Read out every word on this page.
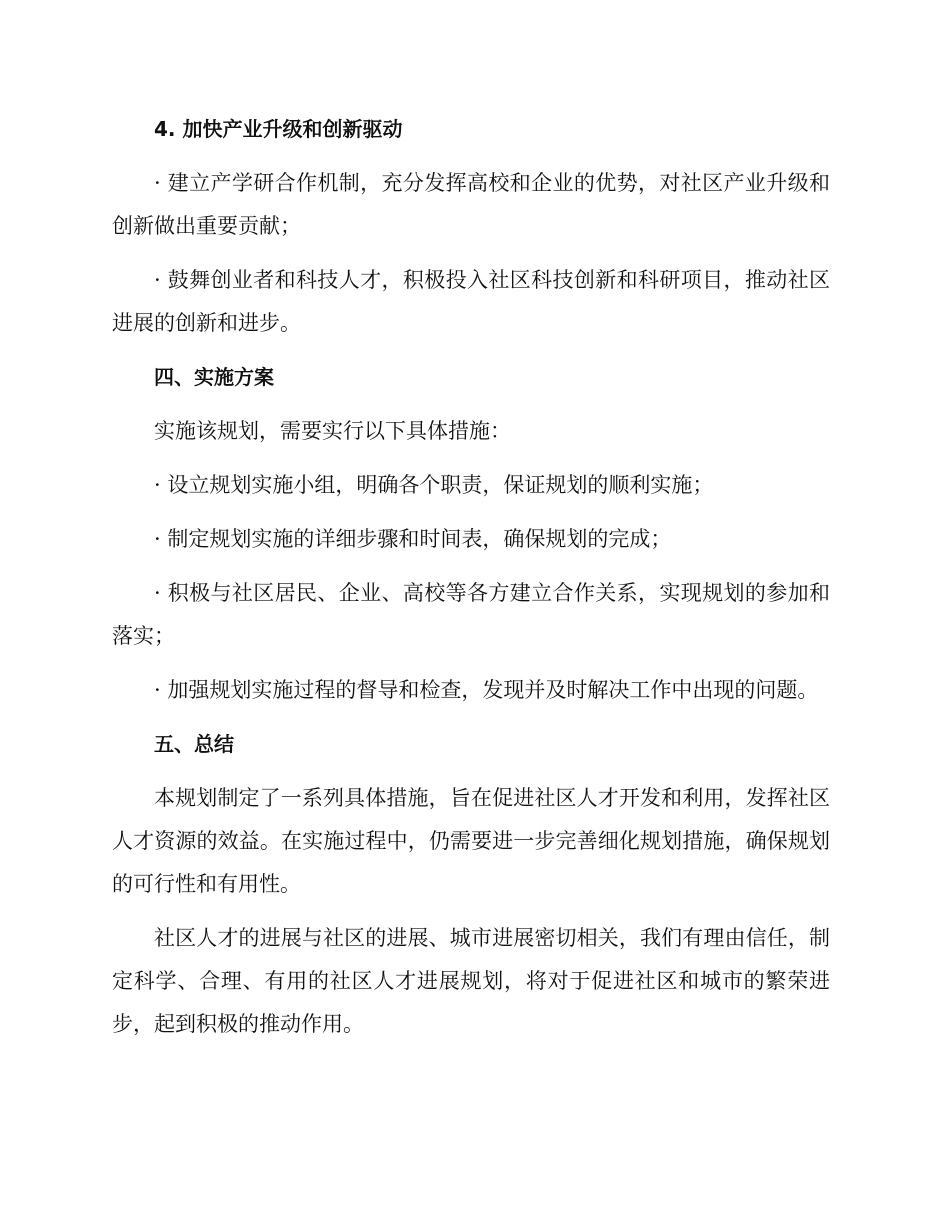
4. 加快产业升级和创新驱动
· 建立产学研合作机制，充分发挥高校和企业的优势，对社区产业升级和创新做出重要贡献；
· 鼓舞创业者和科技人才，积极投入社区科技创新和科研项目，推动社区进展的创新和进步。
四、实施方案
实施该规划，需要实行以下具体措施：
· 设立规划实施小组，明确各个职责，保证规划的顺利实施；
· 制定规划实施的详细步骤和时间表，确保规划的完成；
· 积极与社区居民、企业、高校等各方建立合作关系，实现规划的参加和落实；
· 加强规划实施过程的督导和检查，发现并及时解决工作中出现的问题。
五、总结
本规划制定了一系列具体措施，旨在促进社区人才开发和利用，发挥社区人才资源的效益。在实施过程中，仍需要进一步完善细化规划措施，确保规划的可行性和有用性。
社区人才的进展与社区的进展、城市进展密切相关，我们有理由信任，制定科学、合理、有用的社区人才进展规划，将对于促进社区和城市的繁荣进步，起到积极的推动作用。
